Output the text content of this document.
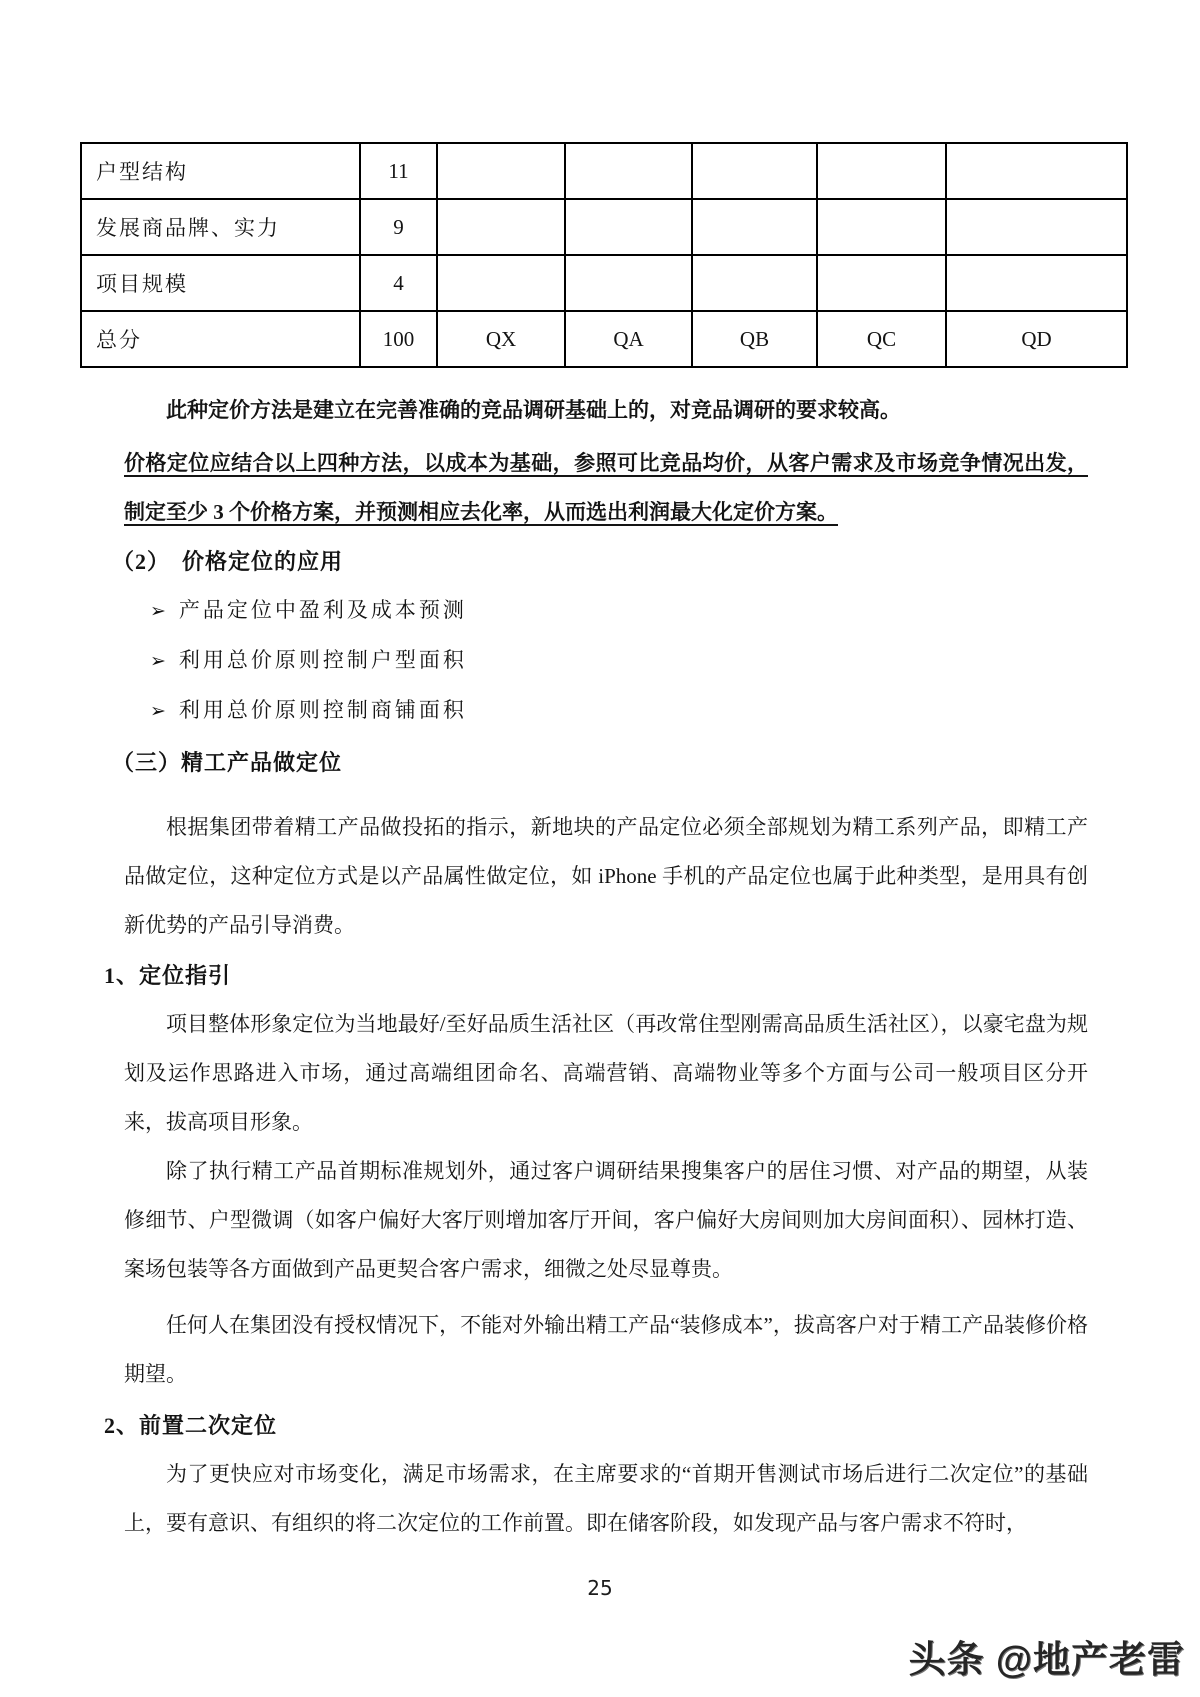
户型结构	11					
发展商品牌、实力	9					
项目规模	4					
总分	100	QX	QA	QB	QC	QD

此种定价方法是建立在完善准确的竞品调研基础上的，对竞品调研的要求较高。

价格定位应结合以上四种方法，以成本为基础，参照可比竞品均价，从客户需求及市场竞争情况出发，制定至少 3 个价格方案，并预测相应去化率，从而选出利润最大化定价方案。

（2）　价格定位的应用

➢ 产品定位中盈利及成本预测
➢ 利用总价原则控制户型面积
➢ 利用总价原则控制商铺面积

（三）精工产品做定位

根据集团带着精工产品做投拓的指示，新地块的产品定位必须全部规划为精工系列产品，即精工产品做定位，这种定位方式是以产品属性做定位，如 iPhone 手机的产品定位也属于此种类型，是用具有创新优势的产品引导消费。

1、定位指引

项目整体形象定位为当地最好/至好品质生活社区（再改常住型刚需高品质生活社区），以豪宅盘为规划及运作思路进入市场，通过高端组团命名、高端营销、高端物业等多个方面与公司一般项目区分开来，拔高项目形象。

除了执行精工产品首期标准规划外，通过客户调研结果搜集客户的居住习惯、对产品的期望，从装修细节、户型微调（如客户偏好大客厅则增加客厅开间，客户偏好大房间则加大房间面积）、园林打造、案场包装等各方面做到产品更契合客户需求，细微之处尽显尊贵。

任何人在集团没有授权情况下，不能对外输出精工产品“装修成本”，拔高客户对于精工产品装修价格期望。

2、前置二次定位

为了更快应对市场变化，满足市场需求，在主席要求的“首期开售测试市场后进行二次定位”的基础上，要有意识、有组织的将二次定位的工作前置。即在储客阶段，如发现产品与客户需求不符时，

25
头条 @地产老雷
